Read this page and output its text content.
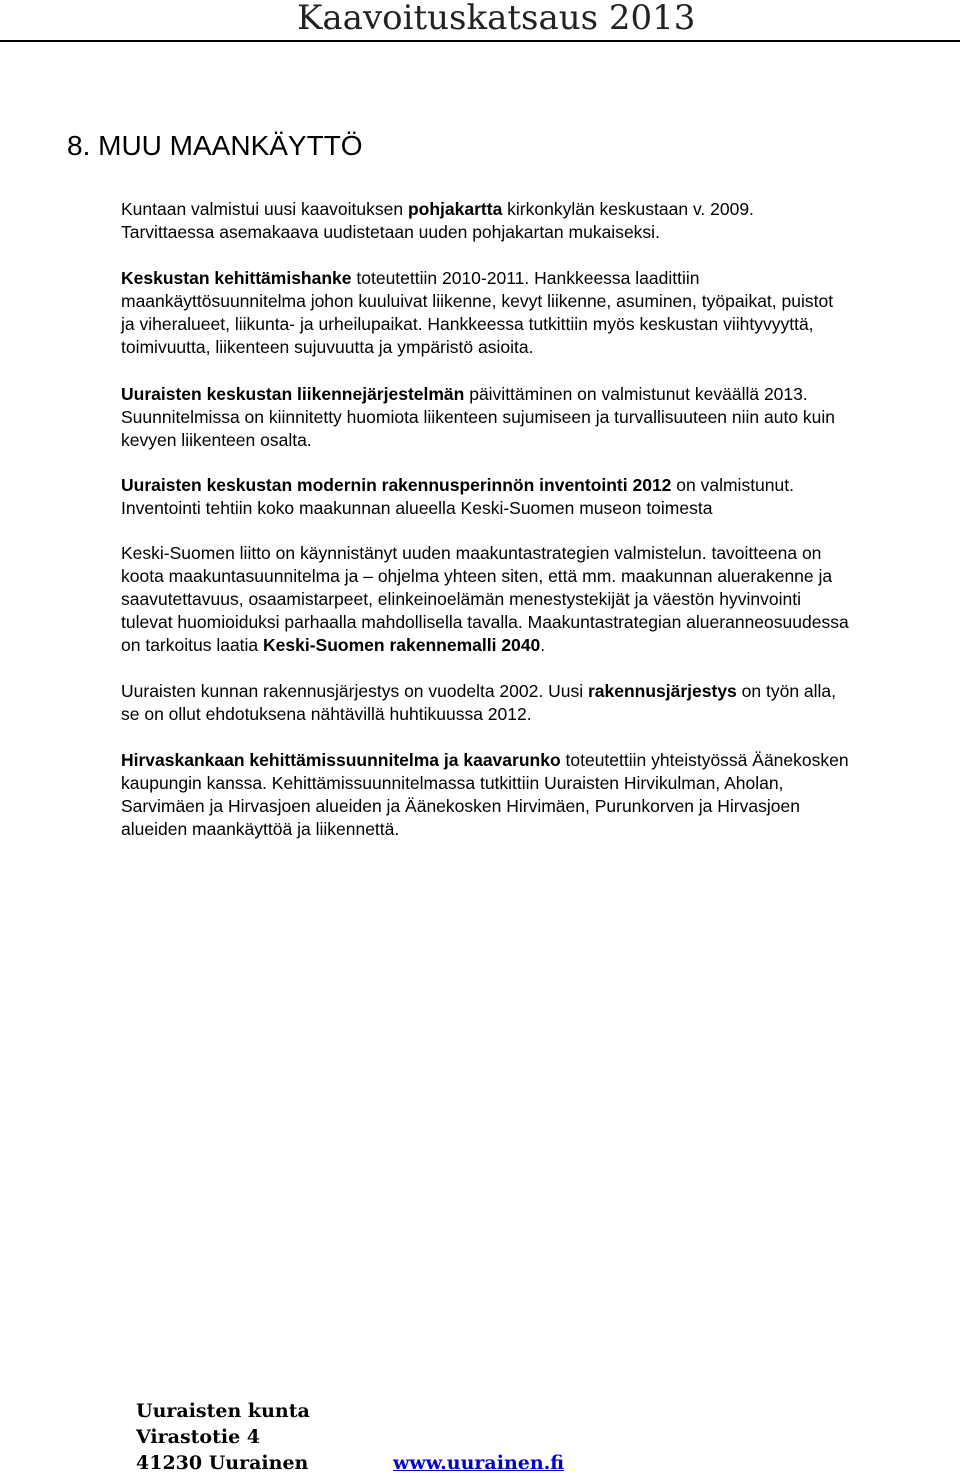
Kaavoituskatsaus 2013
8. MUU MAANKÄYTTÖ
Kuntaan valmistui uusi kaavoituksen pohjakartta kirkonkylän keskustaan v. 2009.
Tarvittaessa asemakaava uudistetaan uuden pohjakartan mukaiseksi.
Keskustan kehittämishanke toteutettiin 2010-2011. Hankkeessa laadittiin
maankäyttösuunnitelma johon kuuluivat liikenne, kevyt liikenne, asuminen, työpaikat, puistot
ja viheralueet, liikunta- ja urheilupaikat. Hankkeessa tutkittiin myös keskustan viihtyvyyttä,
toimivuutta, liikenteen sujuvuutta ja ympäristö asioita.
Uuraisten keskustan liikennejärjestelmän päivittäminen on valmistunut keväällä 2013.
Suunnitelmissa on kiinnitetty huomiota liikenteen sujumiseen ja turvallisuuteen niin auto kuin
kevyen liikenteen osalta.
Uuraisten keskustan modernin rakennusperinnön inventointi 2012 on valmistunut.
Inventointi tehtiin koko maakunnan alueella Keski-Suomen museon toimesta
Keski-Suomen liitto on käynnistänyt uuden maakuntastrategien valmistelun. tavoitteena on
koota maakuntasuunnitelma ja – ohjelma yhteen siten, että mm. maakunnan aluerakenne ja
saavutettavuus, osaamistarpeet, elinkeinoelämän menestystekijät ja väestön hyvinvointi
tulevat huomioiduksi parhaalla mahdollisella tavalla. Maakuntastrategian alueranneosuudessa
on tarkoitus laatia Keski-Suomen rakennemalli 2040.
Uuraisten kunnan rakennusjärjestys on vuodelta 2002. Uusi rakennusjärjestys on työn alla,
se on ollut ehdotuksena nähtävillä huhtikuussa 2012.
Hirvaskankaan kehittämissuunnitelma ja kaavarunko toteutettiin yhteistyössä Äänekosken
kaupungin kanssa. Kehittämissuunnitelmassa tutkittiin Uuraisten Hirvikulman, Aholan,
Sarvimäen ja Hirvasjoen alueiden ja Äänekosken Hirvimäen, Purunkorven ja Hirvasjoen
alueiden maankäyttöä ja liikennettä.
Uuraisten kunta
Virastotie 4
41230 Uurainen	www.uurainen.fi
